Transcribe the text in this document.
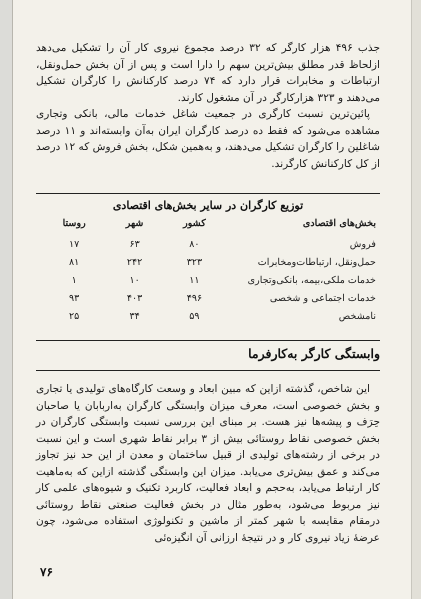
جذب ۴۹۶ هزار کارگر که ۳۲ درصد مجموع نیروی کار آن را تشکیل می‌دهد ازلحاظ قدر مطلق بیش‌ترین سهم را دارا است و پس از آن بخش حمل‌ونقل، ارتباطات و مخابرات قرار دارد که ۷۴ درصد کارکنانش را کارگران تشکیل می‌دهند و ۳۲۳ هزارکارگر در آن مشغول کارند.

پائین‌ترین نسبت کارگری در جمعیت شاغل خدمات مالی، بانکی وتجاری مشاهده می‌شود که فقط ده درصد کارگران ایران به‌آن وابسته‌اند و ۱۱ درصد شاغلین را کارگران تشکیل می‌دهند، و به‌همین شکل، بخش فروش که ۱۲ درصد از کل کارکنانش کارگرند.

توزیع کارگران در سایر بخش‌های اقتصادی
بخش‌های اقتصادی	کشور	شهر	روستا
فروش	۸۰	۶۳	۱۷
حمل‌ونقل، ارتباطات‌ومخابرات	۳۲۳	۲۴۲	۸۱
خدمات ملکی،بیمه، بانکی‌وتجاری	۱۱	۱۰	۱
خدمات اجتماعی و شخصی	۴۹۶	۴۰۳	۹۳
نامشخص	۵۹	۳۴	۲۵
وابستگی کارگر به‌کارفرما

این شاخص، گذشته ازاین که مبین ابعاد و وسعت کارگاه‌های تولیدی یا تجاری و بخش خصوصی است، معرف میزان وابستگی کارگران به‌اربابان یا صاحبان حِرَف و پیشه‌ها نیز هست. بر مبنای این بررسی نسبت وابستگی کارگران در بخش خصوصی نقاط روستائی بیش از ۳ برابر نقاط شهری است و این نسبت در برخی از رشته‌های تولیدی از قبیل ساختمان و معدن از این حد نیز تجاوز می‌کند و عمق بیش‌تری می‌یابد. میزان این وابستگی گذشته ازاین که به‌ماهیت کار ارتباط می‌یابد، به‌حجم و ابعاد فعالیت، کاربرد تکنیک و شیوه‌های علمی کار نیز مربوط می‌شود، به‌طور مثال در بخش فعالیت صنعتی نقاط روستائی درمقام مقایسه با شهر کمتر از ماشین و تکنولوژی استفاده می‌شود، چون عرضهٔ زیاد نیروی کار و در نتیجهٔ ارزانی آن انگیزه‌ئی

۷۶
